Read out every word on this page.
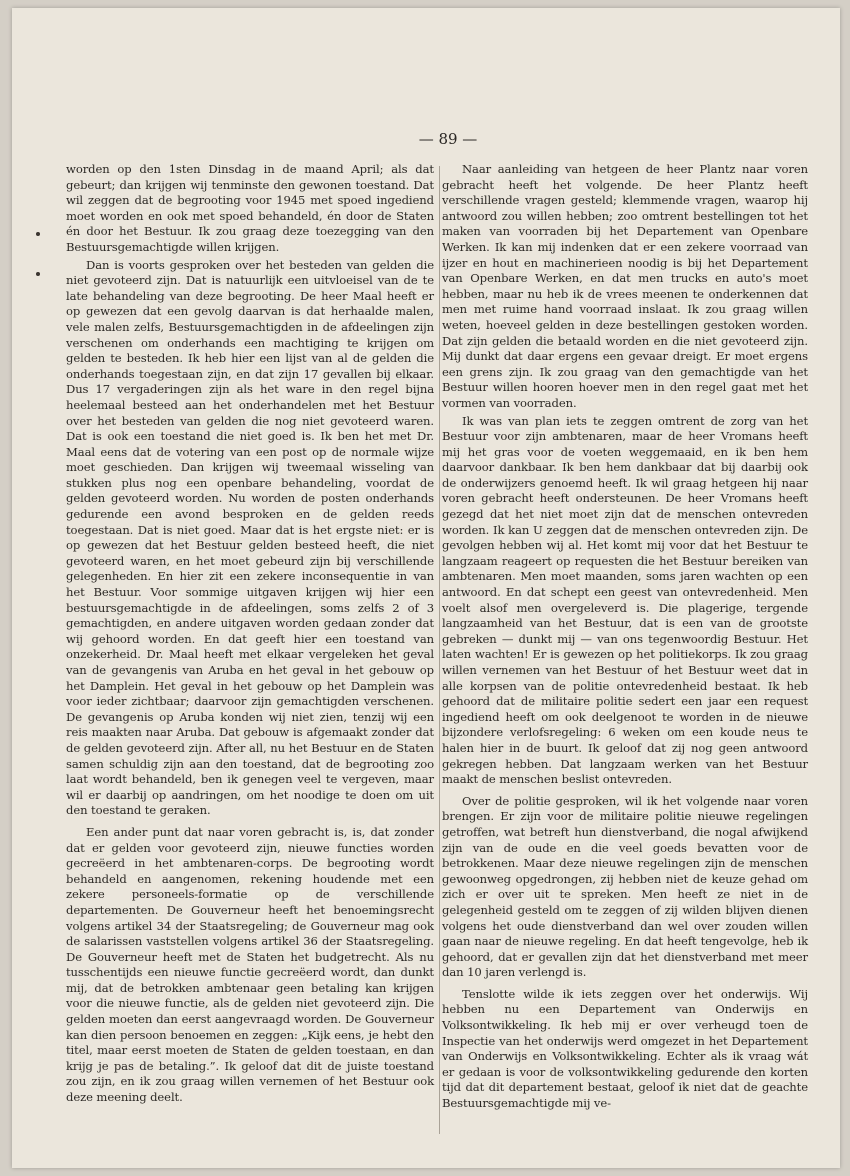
— 89 —

worden op den 1sten Dinsdag in de maand April; als dat gebeurt; dan krijgen wij tenminste den gewonen toestand. Dat wil zeggen dat de begrooting voor 1945 met spoed ingediend moet worden en ook met spoed behandeld, én door de Staten én door het Bestuur. Ik zou graag deze toezegging van den Bestuursgemachtigde willen krijgen.

Dan is voorts gesproken over het besteden van gelden die niet gevoteerd zijn. Dat is natuurlijk een uitvloeisel van de te late behandeling van deze begrooting. De heer Maal heeft er op gewezen dat een gevolg daarvan is dat herhaalde malen, vele malen zelfs, Bestuursgemachtigden in de afdeelingen zijn verschenen om onderhands een machtiging te krijgen om gelden te besteden. Ik heb hier een lijst van al de gelden die onderhands toegestaan zijn, en dat zijn 17 gevallen bij elkaar. Dus 17 vergaderingen zijn als het ware in den regel bijna heelemaal besteed aan het onderhandelen met het Bestuur over het besteden van gelden die nog niet gevoteerd waren. Dat is ook een toestand die niet goed is. Ik ben het met Dr. Maal eens dat de votering van een post op de normale wijze moet geschieden. Dan krijgen wij tweemaal wisseling van stukken plus nog een openbare behandeling, voordat de gelden gevoteerd worden. Nu worden de posten onderhands gedurende een avond besproken en de gelden reeds toegestaan. Dat is niet goed. Maar dat is het ergste niet: er is op gewezen dat het Bestuur gelden besteed heeft, die niet gevoteerd waren, en het moet gebeurd zijn bij verschillende gelegenheden. En hier zit een zekere inconsequentie in van het Bestuur. Voor sommige uitgaven krijgen wij hier een bestuursgemachtigde in de afdeelingen, soms zelfs 2 of 3 gemachtigden, en andere uitgaven worden gedaan zonder dat wij gehoord worden. En dat geeft hier een toestand van onzekerheid. Dr. Maal heeft met elkaar vergeleken het geval van de gevangenis van Aruba en het geval in het gebouw op het Damplein. Het geval in het gebouw op het Damplein was voor ieder zichtbaar; daarvoor zijn gemachtigden verschenen. De gevangenis op Aruba konden wij niet zien, tenzij wij een reis maakten naar Aruba. Dat gebouw is afgemaakt zonder dat de gelden gevoteerd zijn. After all, nu het Bestuur en de Staten samen schuldig zijn aan den toestand, dat de begrooting zoo laat wordt behandeld, ben ik genegen veel te vergeven, maar wil er daarbij op aandringen, om het noodige te doen om uit den toestand te geraken.

Een ander punt dat naar voren gebracht is, is, dat zonder dat er gelden voor gevoteerd zijn, nieuwe functies worden gecreëerd in het ambtenaren-corps. De begrooting wordt behandeld en aangenomen, rekening houdende met een zekere personeels-formatie op de verschillende departementen. De Gouverneur heeft het benoemingsrecht volgens artikel 34 der Staatsregeling; de Gouverneur mag ook de salarissen vaststellen volgens artikel 36 der Staatsregeling. De Gouverneur heeft met de Staten het budgetrecht. Als nu tusschentijds een nieuwe functie gecreëerd wordt, dan dunkt mij, dat de betrokken ambtenaar geen betaling kan krijgen voor die nieuwe functie, als de gelden niet gevoteerd zijn. Die gelden moeten dan eerst aangevraagd worden. De Gouverneur kan dien persoon benoemen en zeggen: „Kijk eens, je hebt den titel, maar eerst moeten de Staten de gelden toestaan, en dan krijg je pas de betaling.”. Ik geloof dat dit de juiste toestand zou zijn, en ik zou graag willen vernemen of het Bestuur ook deze meening deelt.

Naar aanleiding van hetgeen de heer Plantz naar voren gebracht heeft het volgende. De heer Plantz heeft verschillende vragen gesteld; klemmende vragen, waarop hij antwoord zou willen hebben; zoo omtrent bestellingen tot het maken van voorraden bij het Departement van Openbare Werken. Ik kan mij indenken dat er een zekere voorraad van ijzer en hout en machinerieen noodig is bij het Departement van Openbare Werken, en dat men trucks en auto's moet hebben, maar nu heb ik de vrees meenen te onderkennen dat men met ruime hand voorraad inslaat. Ik zou graag willen weten, hoeveel gelden in deze bestellingen gestoken worden. Dat zijn gelden die betaald worden en die niet gevoteerd zijn. Mij dunkt dat daar ergens een gevaar dreigt. Er moet ergens een grens zijn. Ik zou graag van den gemachtigde van het Bestuur willen hooren hoever men in den regel gaat met het vormen van voorraden.

Ik was van plan iets te zeggen omtrent de zorg van het Bestuur voor zijn ambtenaren, maar de heer Vromans heeft mij het gras voor de voeten weggemaaid, en ik ben hem daarvoor dankbaar. Ik ben hem dankbaar dat bij daarbij ook de onderwijzers genoemd heeft. Ik wil graag hetgeen hij naar voren gebracht heeft ondersteunen. De heer Vromans heeft gezegd dat het niet moet zijn dat de menschen ontevreden worden. Ik kan U zeggen dat de menschen ontevreden zijn. De gevolgen hebben wij al. Het komt mij voor dat het Bestuur te langzaam reageert op requesten die het Bestuur bereiken van ambtenaren. Men moet maanden, soms jaren wachten op een antwoord. En dat schept een geest van ontevredenheid. Men voelt alsof men overgeleverd is. Die plagerige, tergende langzaamheid van het Bestuur, dat is een van de grootste gebreken — dunkt mij — van ons tegenwoordig Bestuur. Het laten wachten! Er is gewezen op het politiekorps. Ik zou graag willen vernemen van het Bestuur of het Bestuur weet dat in alle korpsen van de politie ontevredenheid bestaat. Ik heb gehoord dat de militaire politie sedert een jaar een request ingediend heeft om ook deelgenoot te worden in de nieuwe bijzondere verlofsregeling: 6 weken om een koude neus te halen hier in de buurt. Ik geloof dat zij nog geen antwoord gekregen hebben. Dat langzaam werken van het Bestuur maakt de menschen beslist ontevreden.

Over de politie gesproken, wil ik het volgende naar voren brengen. Er zijn voor de militaire politie nieuwe regelingen getroffen, wat betreft hun dienstverband, die nogal afwijkend zijn van de oude en die veel goeds bevatten voor de betrokkenen. Maar deze nieuwe regelingen zijn de menschen gewoonweg opgedrongen, zij hebben niet de keuze gehad om zich er over uit te spreken. Men heeft ze niet in de gelegenheid gesteld om te zeggen of zij wilden blijven dienen volgens het oude dienstverband dan wel over zouden willen gaan naar de nieuwe regeling. En dat heeft tengevolge, heb ik gehoord, dat er gevallen zijn dat het dienstverband met meer dan 10 jaren verlengd is.

Tenslotte wilde ik iets zeggen over het onderwijs. Wij hebben nu een Departement van Onderwijs en Volksontwikkeling. Ik heb mij er over verheugd toen de Inspectie van het onderwijs werd omgezet in het Departement van Onderwijs en Volksontwikkeling. Echter als ik vraag wát er gedaan is voor de volksontwikkeling gedurende den korten tijd dat dit departement bestaat, geloof ik niet dat de geachte Bestuursgemachtigde mij ve-
